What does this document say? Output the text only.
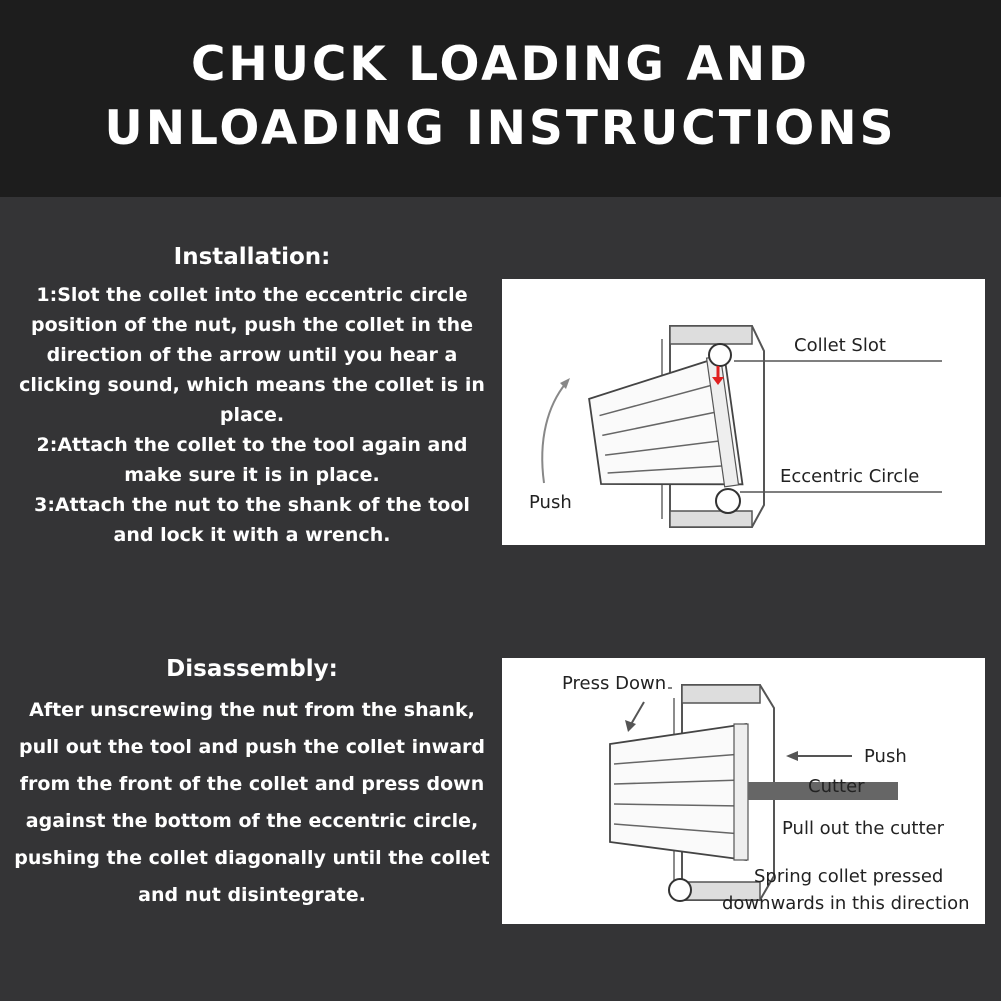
CHUCK LOADING AND
UNLOADING INSTRUCTIONS
Installation:
1:Slot the collet into the eccentric circle
position of the nut, push the collet in the
direction of the arrow until you hear a
clicking sound, which means the collet is in
place.
2:Attach the collet to the tool again and
make sure it is in place.
3:Attach the nut to the shank of the tool
and lock it with a wrench.
Collet Slot
Eccentric Circle
Push
Disassembly:
After unscrewing the nut from the shank,
pull out the tool and push the collet inward
from the front of the collet and press down
against the bottom of the eccentric circle,
pushing the collet diagonally until the collet
and nut disintegrate.
Press Down
Push
Cutter
Pull out the cutter
Spring collet pressed
downwards in this direction
